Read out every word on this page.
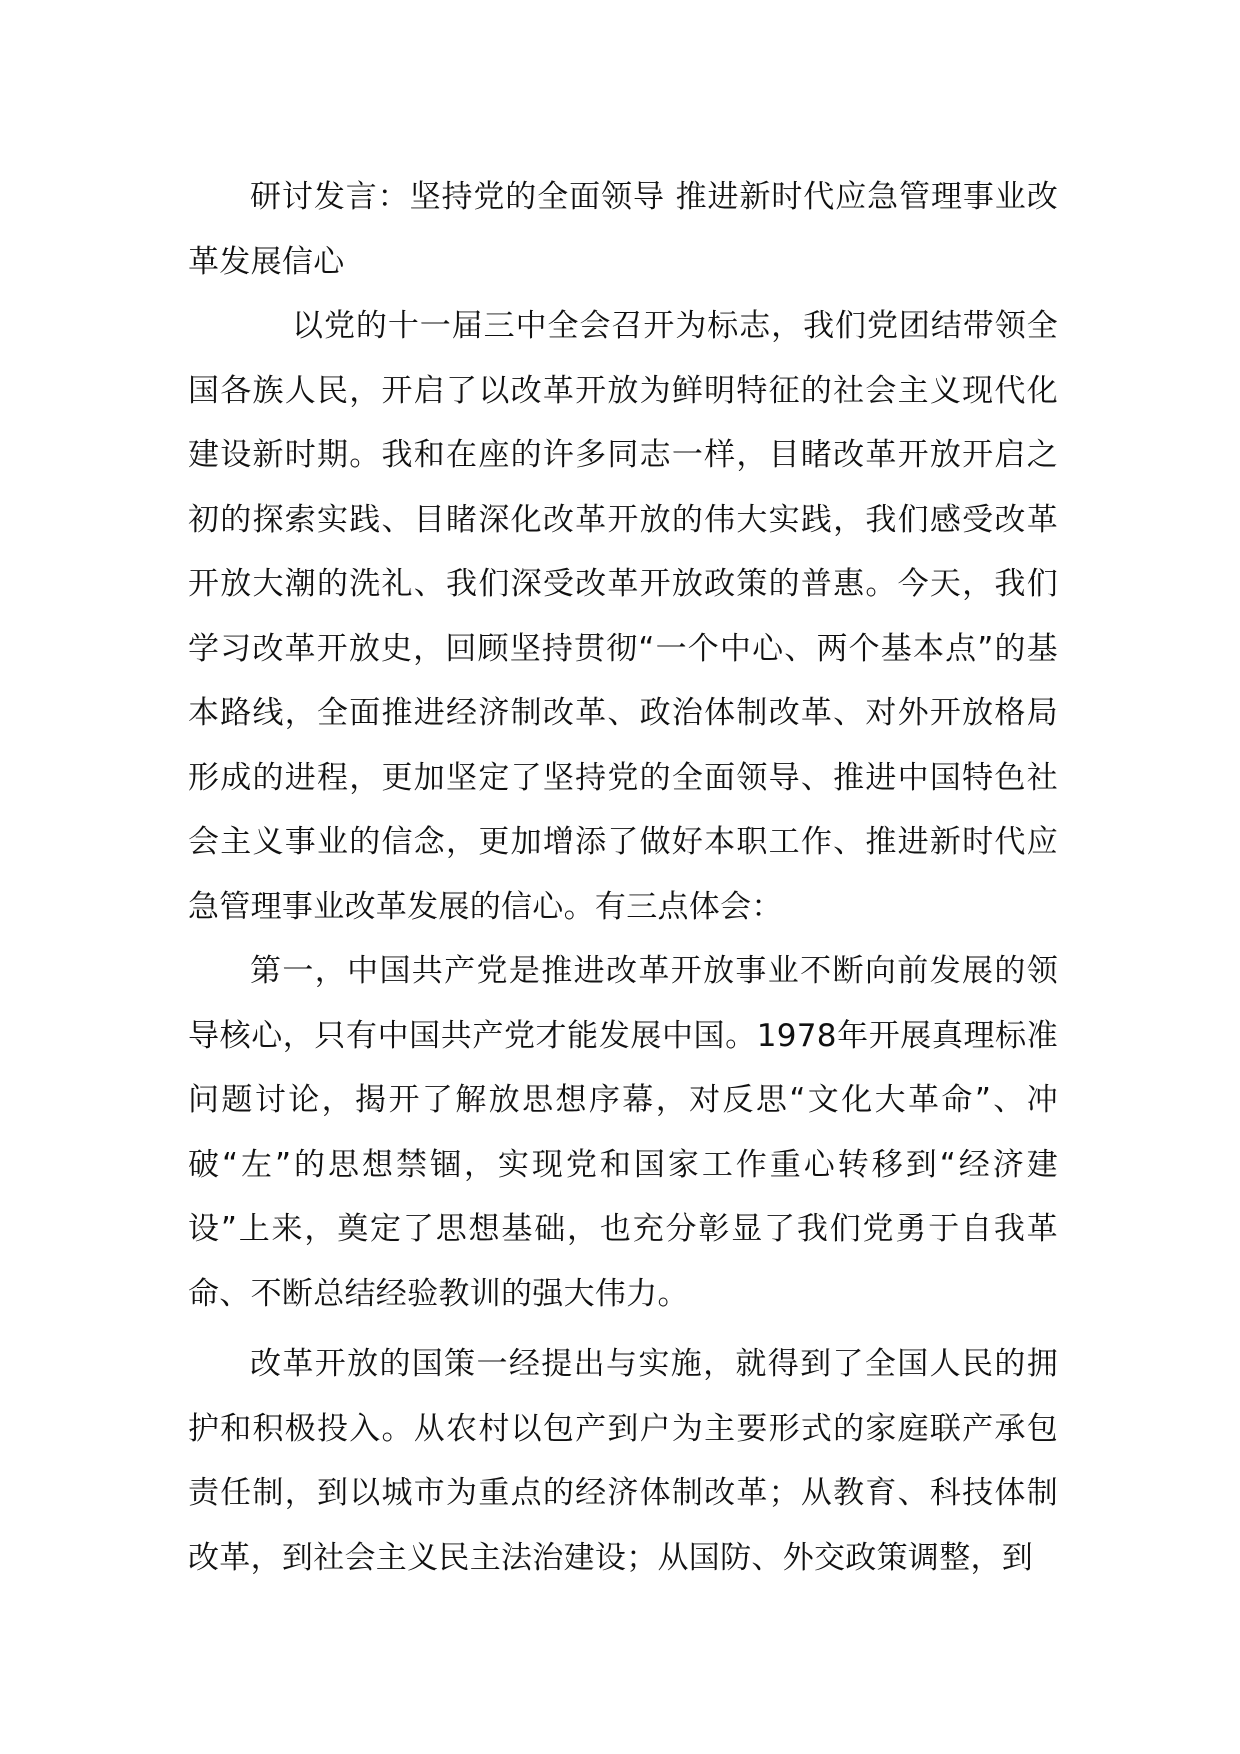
研讨发言：坚持党的全面领导 推进新时代应急管理事业改革发展信心

以党的十一届三中全会召开为标志，我们党团结带领全国各族人民，开启了以改革开放为鲜明特征的社会主义现代化建设新时期。我和在座的许多同志一样，目睹改革开放开启之初的探索实践、目睹深化改革开放的伟大实践，我们感受改革开放大潮的洗礼、我们深受改革开放政策的普惠。今天，我们学习改革开放史，回顾坚持贯彻“一个中心、两个基本点”的基本路线，全面推进经济制改革、政治体制改革、对外开放格局形成的进程，更加坚定了坚持党的全面领导、推进中国特色社会主义事业的信念，更加增添了做好本职工作、推进新时代应急管理事业改革发展的信心。有三点体会：

第一，中国共产党是推进改革开放事业不断向前发展的领导核心，只有中国共产党才能发展中国。1978年开展真理标准问题讨论，揭开了解放思想序幕，对反思“文化大革命”、冲破“左”的思想禁锢，实现党和国家工作重心转移到“经济建设”上来，奠定了思想基础，也充分彰显了我们党勇于自我革命、不断总结经验教训的强大伟力。

改革开放的国策一经提出与实施，就得到了全国人民的拥护和积极投入。从农村以包产到户为主要形式的家庭联产承包责任制，到以城市为重点的经济体制改革；从教育、科技体制改革，到社会主义民主法治建设；从国防、外交政策调整，到
